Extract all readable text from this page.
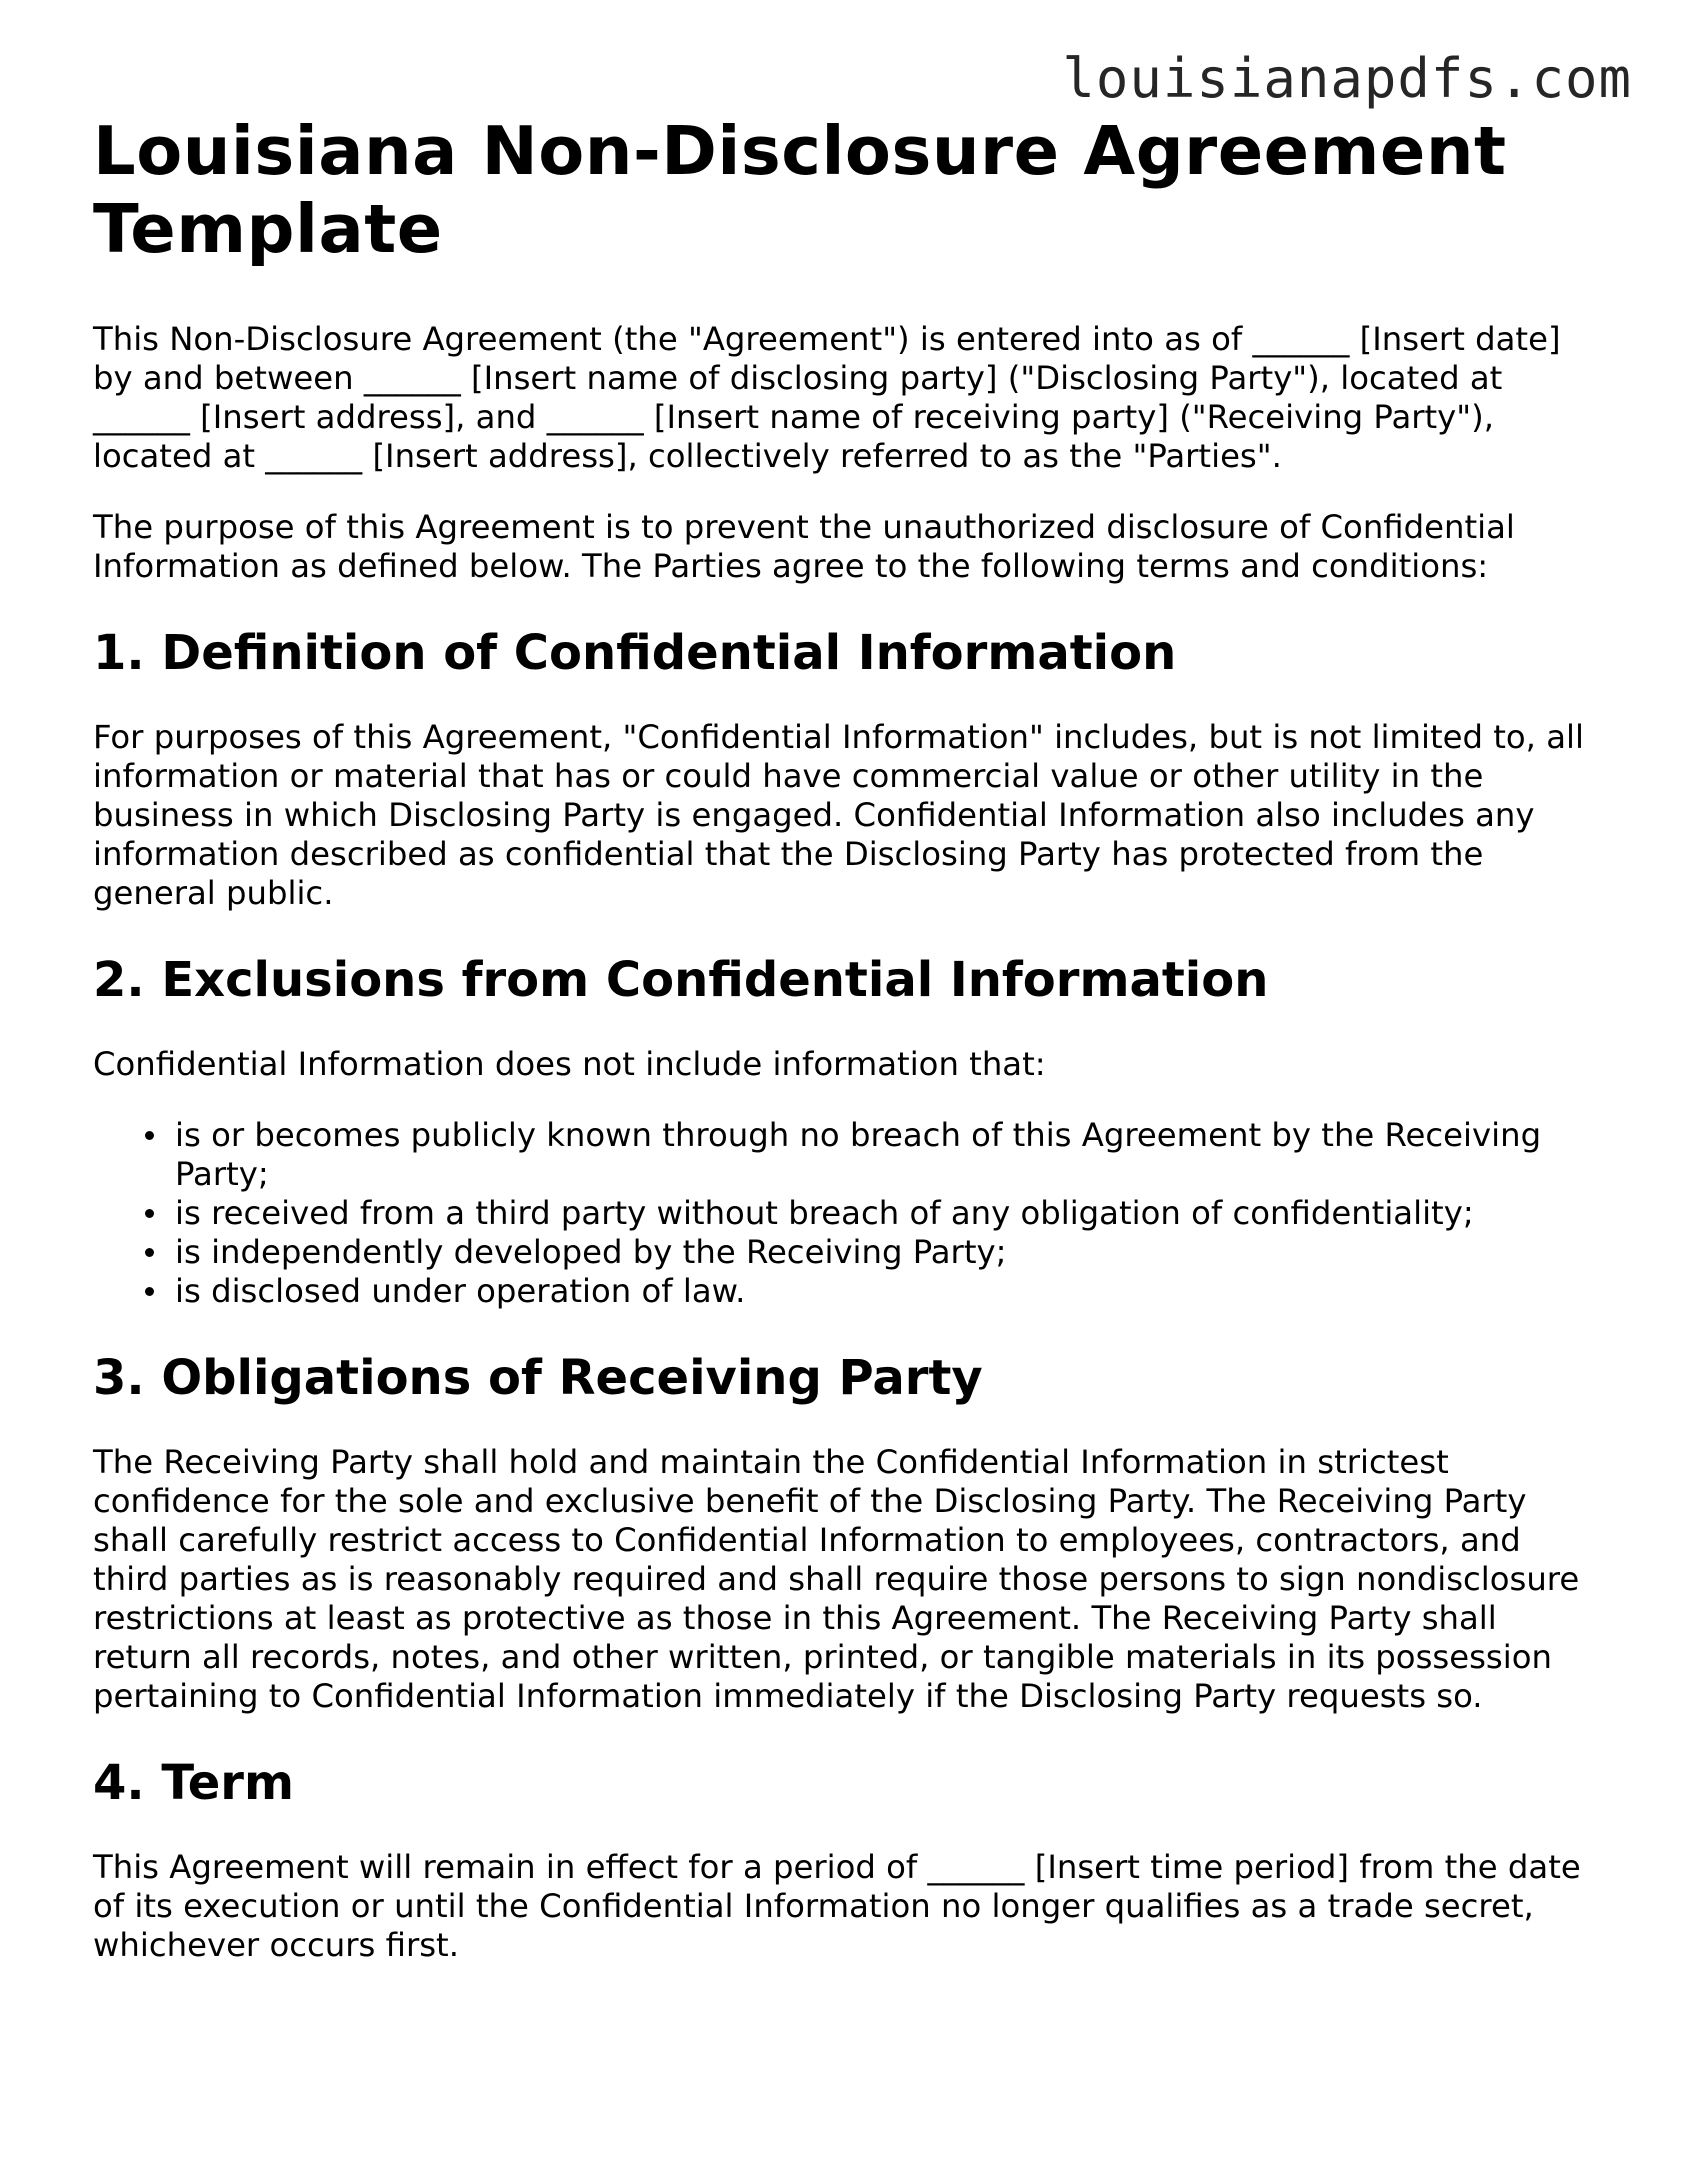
louisianapdfs.com
Louisiana Non-Disclosure Agreement Template

This Non-Disclosure Agreement (the "Agreement") is entered into as of ______ [Insert date] by and between ______ [Insert name of disclosing party] ("Disclosing Party"), located at ______ [Insert address], and ______ [Insert name of receiving party] ("Receiving Party"), located at ______ [Insert address], collectively referred to as the "Parties".

The purpose of this Agreement is to prevent the unauthorized disclosure of Confidential Information as defined below. The Parties agree to the following terms and conditions:

1. Definition of Confidential Information

For purposes of this Agreement, "Confidential Information" includes, but is not limited to, all information or material that has or could have commercial value or other utility in the business in which Disclosing Party is engaged. Confidential Information also includes any information described as confidential that the Disclosing Party has protected from the general public.

2. Exclusions from Confidential Information

Confidential Information does not include information that:

is or becomes publicly known through no breach of this Agreement by the Receiving Party;
is received from a third party without breach of any obligation of confidentiality;
is independently developed by the Receiving Party;
is disclosed under operation of law.
3. Obligations of Receiving Party

The Receiving Party shall hold and maintain the Confidential Information in strictest confidence for the sole and exclusive benefit of the Disclosing Party. The Receiving Party shall carefully restrict access to Confidential Information to employees, contractors, and third parties as is reasonably required and shall require those persons to sign nondisclosure restrictions at least as protective as those in this Agreement. The Receiving Party shall return all records, notes, and other written, printed, or tangible materials in its possession pertaining to Confidential Information immediately if the Disclosing Party requests so.

4. Term

This Agreement will remain in effect for a period of ______ [Insert time period] from the date of its execution or until the Confidential Information no longer qualifies as a trade secret, whichever occurs first.
